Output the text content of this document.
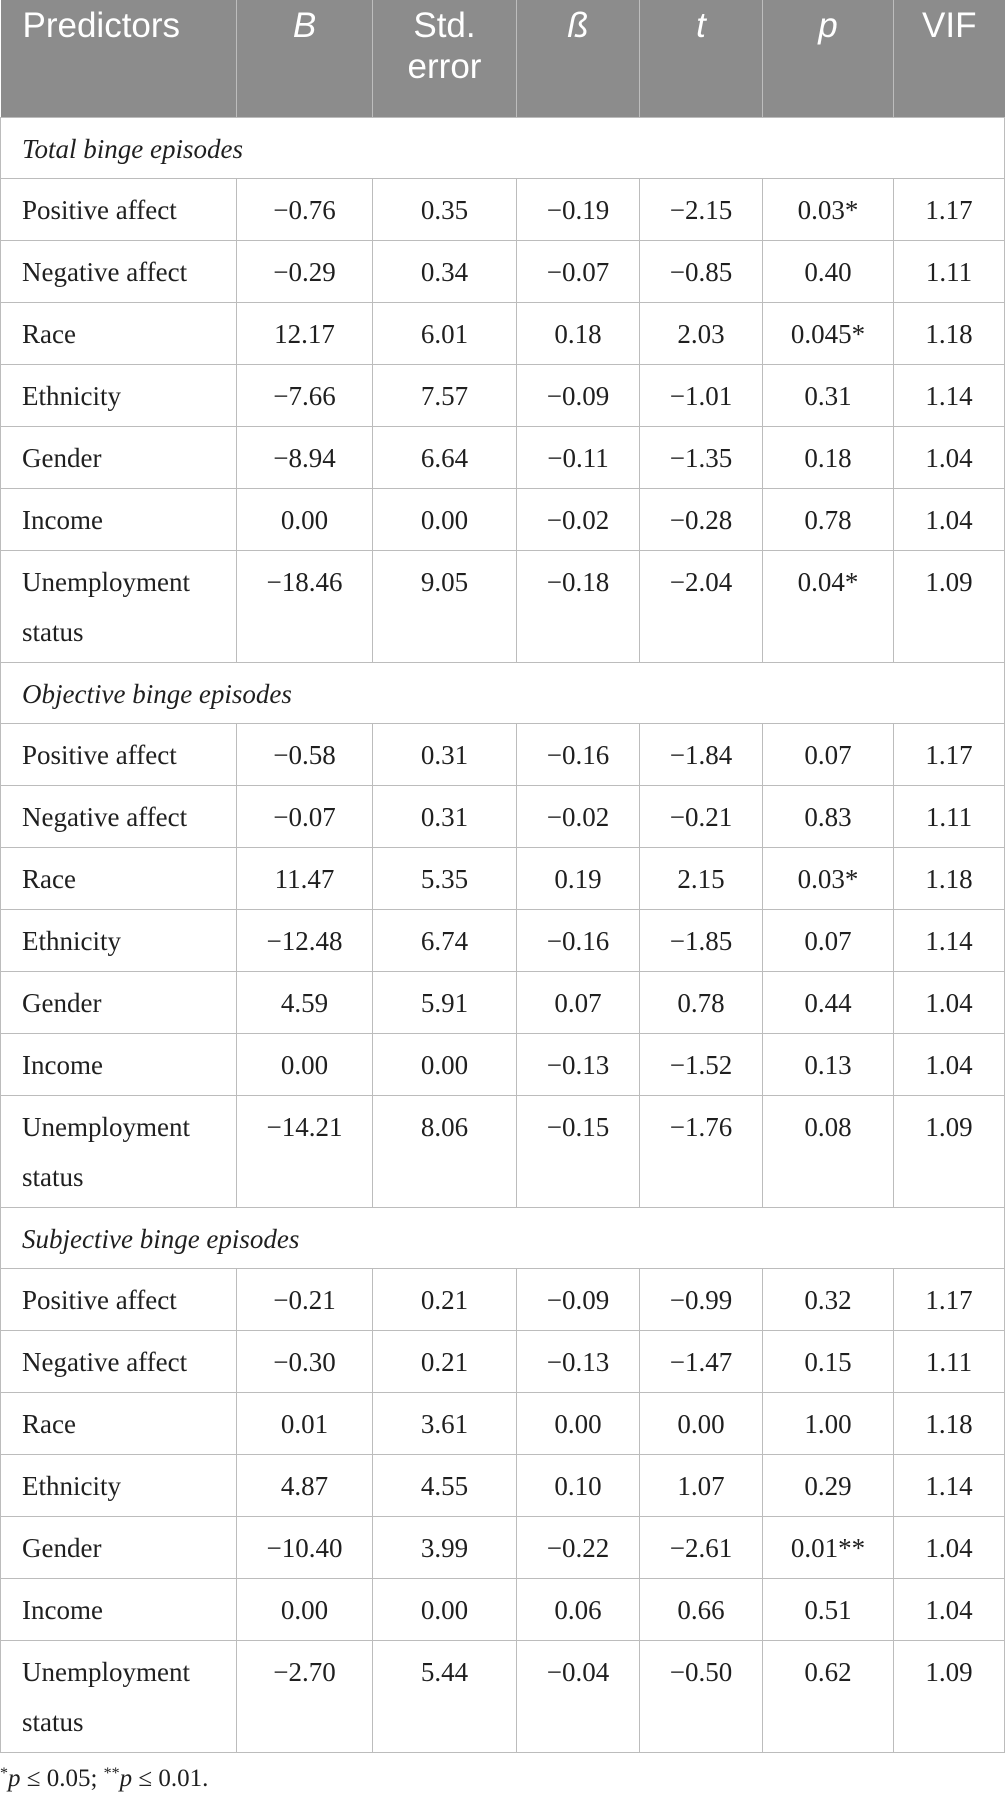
Predictors	B	Std. error	ß	t	p	VIF
Total binge episodes						
Positive affect	−0.76	0.35	−0.19	−2.15	0.03*	1.17
Negative affect	−0.29	0.34	−0.07	−0.85	0.40	1.11
Race	12.17	6.01	0.18	2.03	0.045*	1.18
Ethnicity	−7.66	7.57	−0.09	−1.01	0.31	1.14
Gender	−8.94	6.64	−0.11	−1.35	0.18	1.04
Income	0.00	0.00	−0.02	−0.28	0.78	1.04
Unemployment status	−18.46	9.05	−0.18	−2.04	0.04*	1.09
Objective binge episodes						
Positive affect	−0.58	0.31	−0.16	−1.84	0.07	1.17
Negative affect	−0.07	0.31	−0.02	−0.21	0.83	1.11
Race	11.47	5.35	0.19	2.15	0.03*	1.18
Ethnicity	−12.48	6.74	−0.16	−1.85	0.07	1.14
Gender	4.59	5.91	0.07	0.78	0.44	1.04
Income	0.00	0.00	−0.13	−1.52	0.13	1.04
Unemployment status	−14.21	8.06	−0.15	−1.76	0.08	1.09
Subjective binge episodes						
Positive affect	−0.21	0.21	−0.09	−0.99	0.32	1.17
Negative affect	−0.30	0.21	−0.13	−1.47	0.15	1.11
Race	0.01	3.61	0.00	0.00	1.00	1.18
Ethnicity	4.87	4.55	0.10	1.07	0.29	1.14
Gender	−10.40	3.99	−0.22	−2.61	0.01**	1.04
Income	0.00	0.00	0.06	0.66	0.51	1.04
Unemployment status	−2.70	5.44	−0.04	−0.50	0.62	1.09
*p ≤ 0.05; **p ≤ 0.01.
